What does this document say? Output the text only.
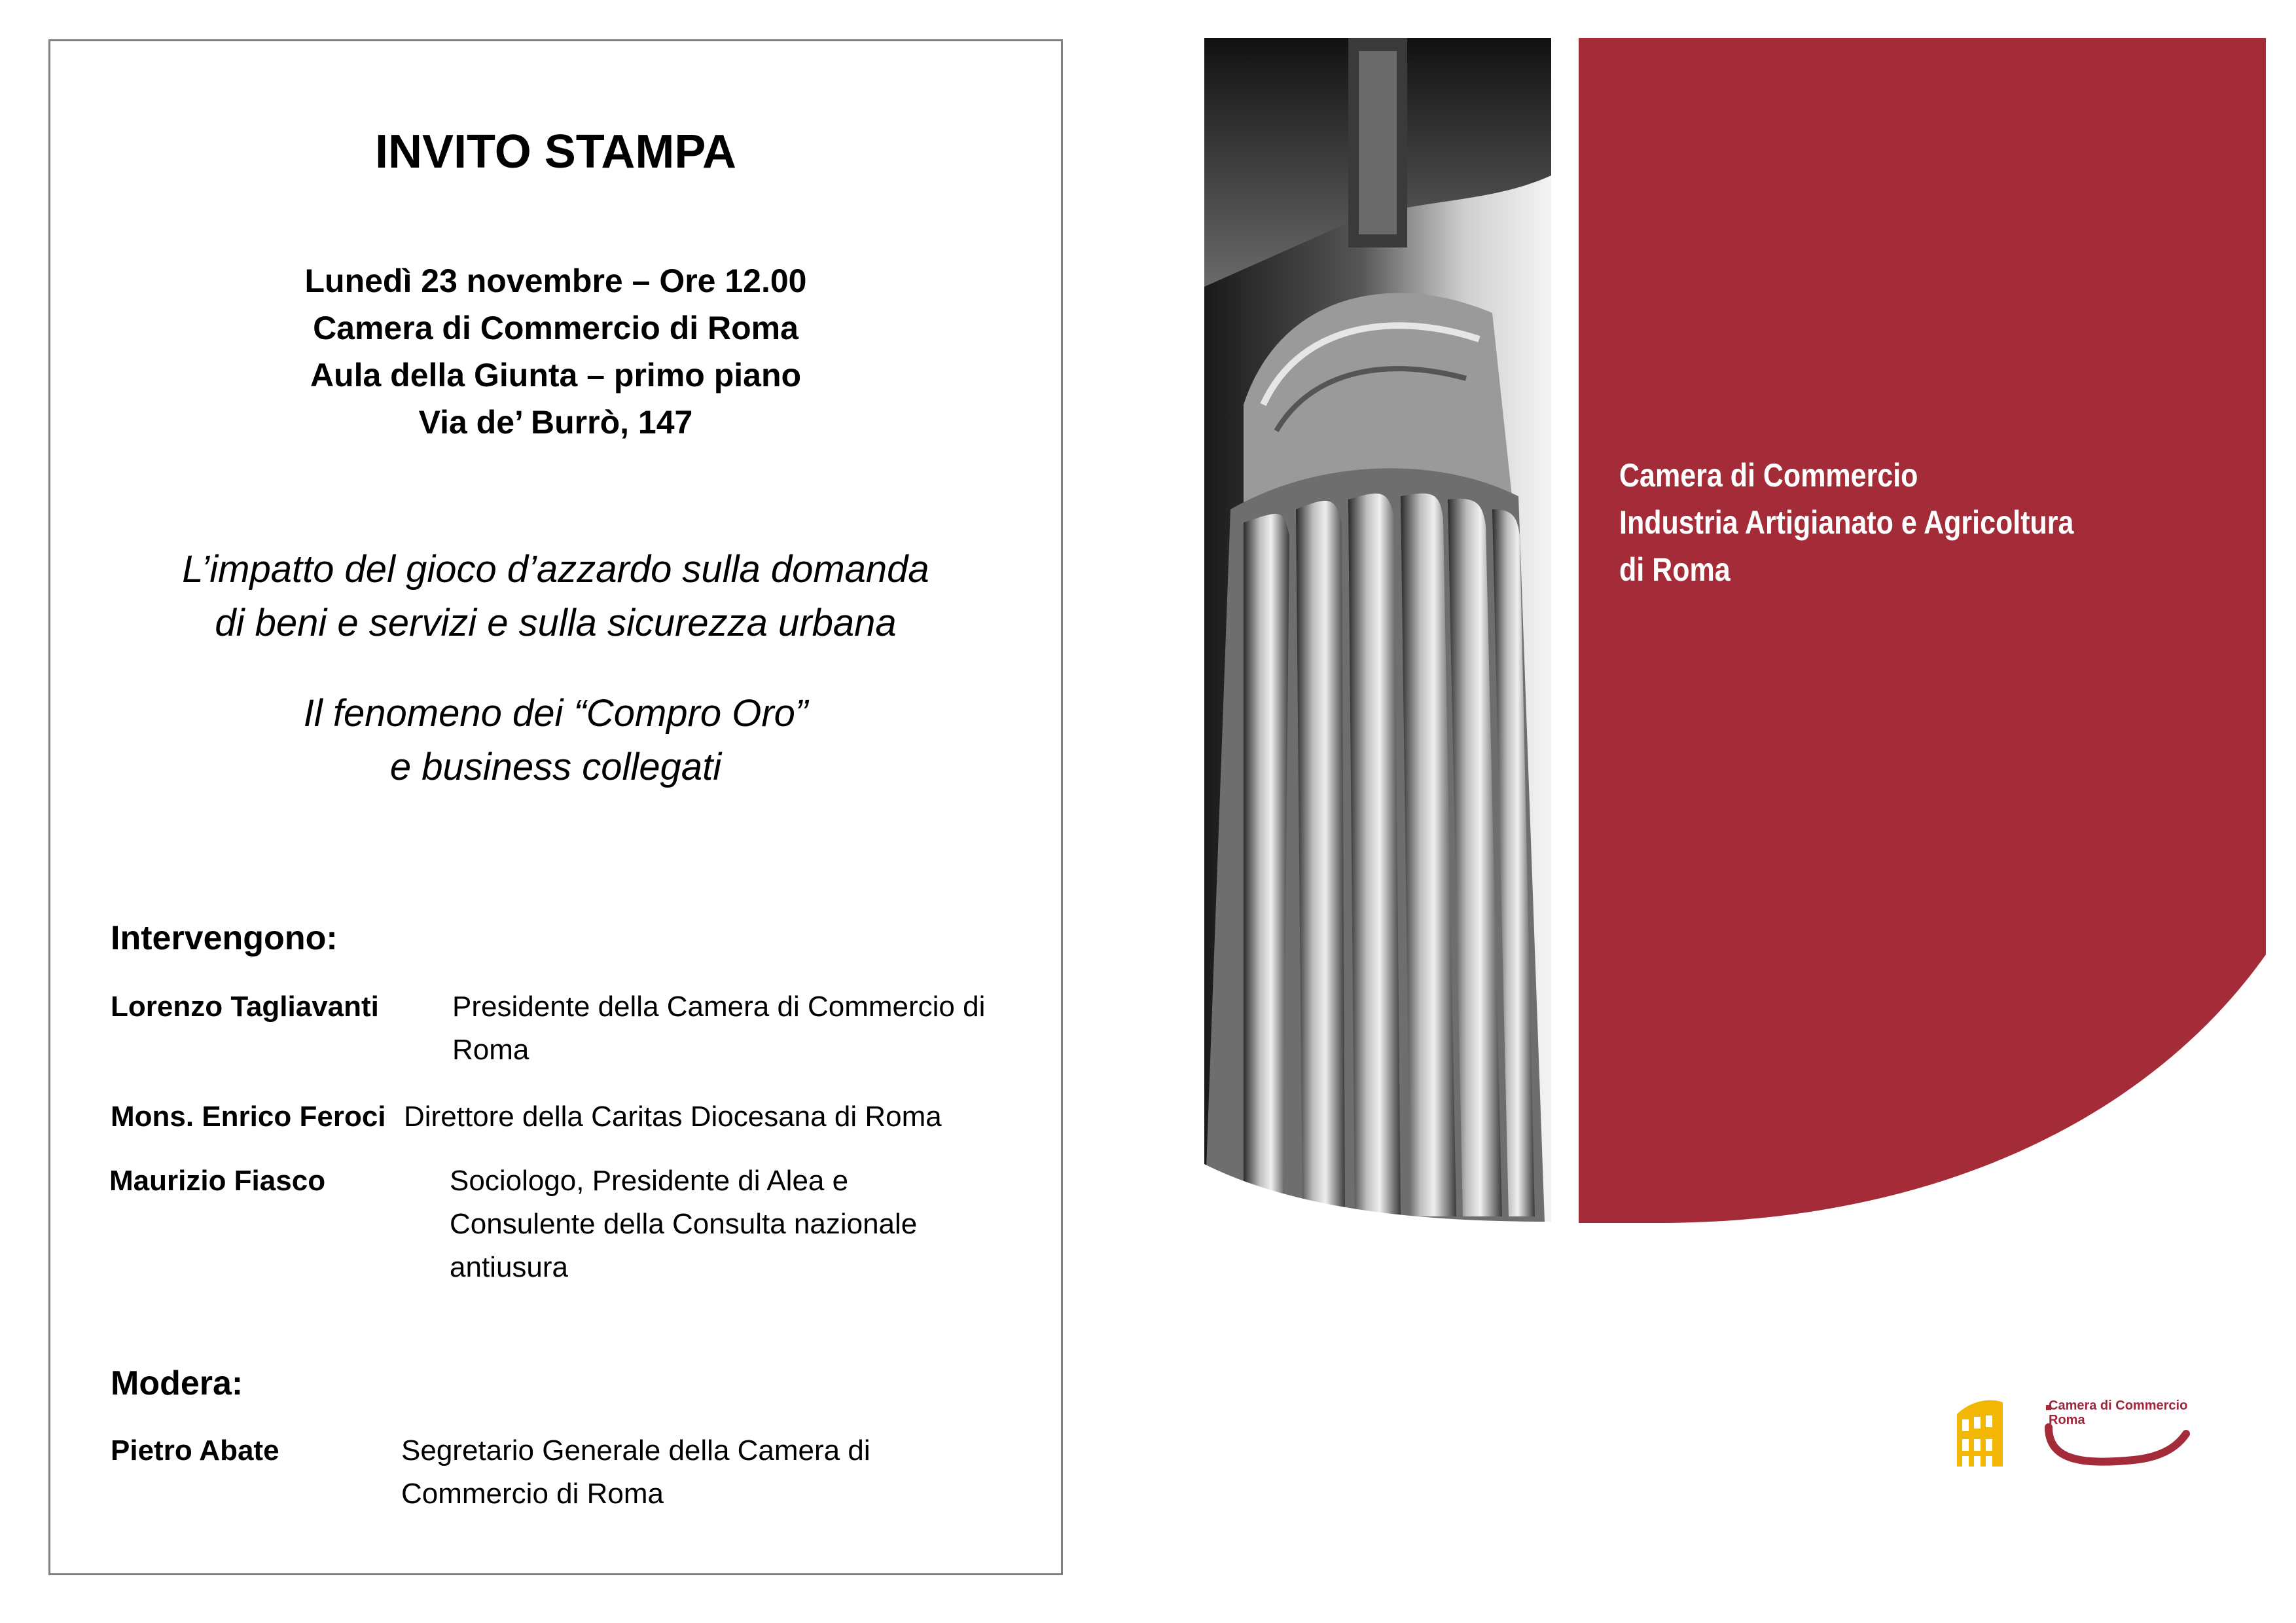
INVITO STAMPA
Lunedì 23 novembre – Ore 12.00
Camera di Commercio di Roma
Aula della Giunta – primo piano
Via de’ Burrò, 147
L’impatto del gioco d’azzardo sulla domanda
di beni e servizi e sulla sicurezza urbana
Il fenomeno dei “Compro Oro”
e business collegati
Intervengono:
Lorenzo Tagliavanti	Presidente della Camera di Commercio di
Roma
Mons. Enrico Feroci Direttore della Caritas Diocesana di Roma
Maurizio Fiasco	Sociologo, Presidente di Alea e
Consulente della Consulta nazionale
antiusura
Modera:
Pietro Abate	Segretario Generale della Camera di
Commercio di Roma
Camera di Commercio
Industria Artigianato e Agricoltura
di Roma
Camera di Commercio
Roma
